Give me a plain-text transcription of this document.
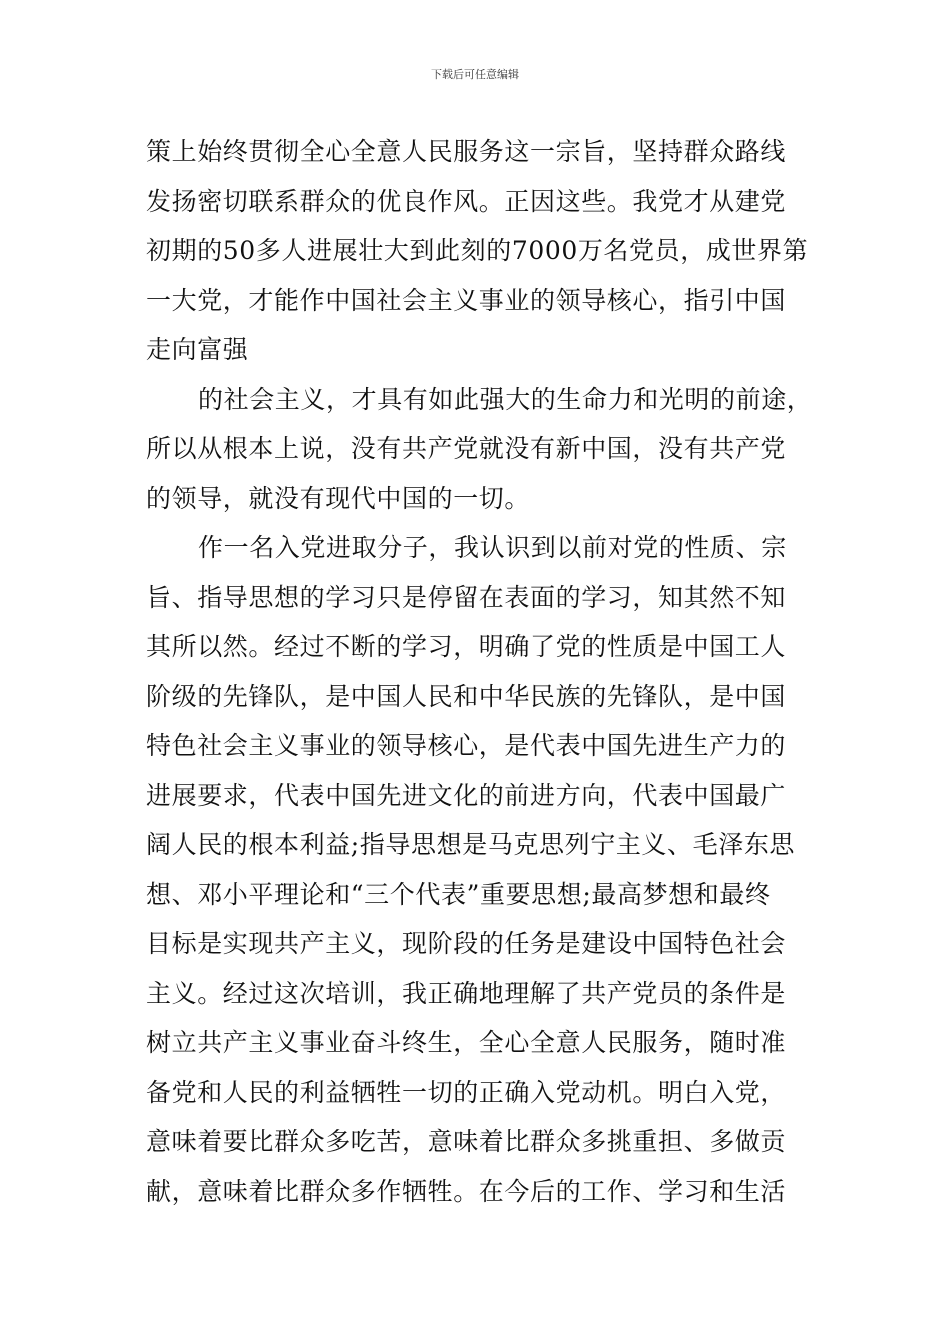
下载后可任意编辑
策上始终贯彻全心全意人民服务这一宗旨，坚持群众路线
发扬密切联系群众的优良作风。正因这些。我党才从建党
初期的50多人进展壮大到此刻的7000万名党员，成世界第
一大党，才能作中国社会主义事业的领导核心，指引中国
走向富强
的社会主义，才具有如此强大的生命力和光明的前途，
所以从根本上说，没有共产党就没有新中国，没有共产党
的领导，就没有现代中国的一切。
作一名入党进取分子，我认识到以前对党的性质、宗
旨、指导思想的学习只是停留在表面的学习，知其然不知
其所以然。经过不断的学习，明确了党的性质是中国工人
阶级的先锋队，是中国人民和中华民族的先锋队，是中国
特色社会主义事业的领导核心，是代表中国先进生产力的
进展要求，代表中国先进文化的前进方向，代表中国最广
阔人民的根本利益;指导思想是马克思列宁主义、毛泽东思
想、邓小平理论和“三个代表”重要思想;最高梦想和最终
目标是实现共产主义，现阶段的任务是建设中国特色社会
主义。经过这次培训，我正确地理解了共产党员的条件是
树立共产主义事业奋斗终生，全心全意人民服务，随时准
备党和人民的利益牺牲一切的正确入党动机。明白入党，
意味着要比群众多吃苦，意味着比群众多挑重担、多做贡
献，意味着比群众多作牺牲。在今后的工作、学习和生活
